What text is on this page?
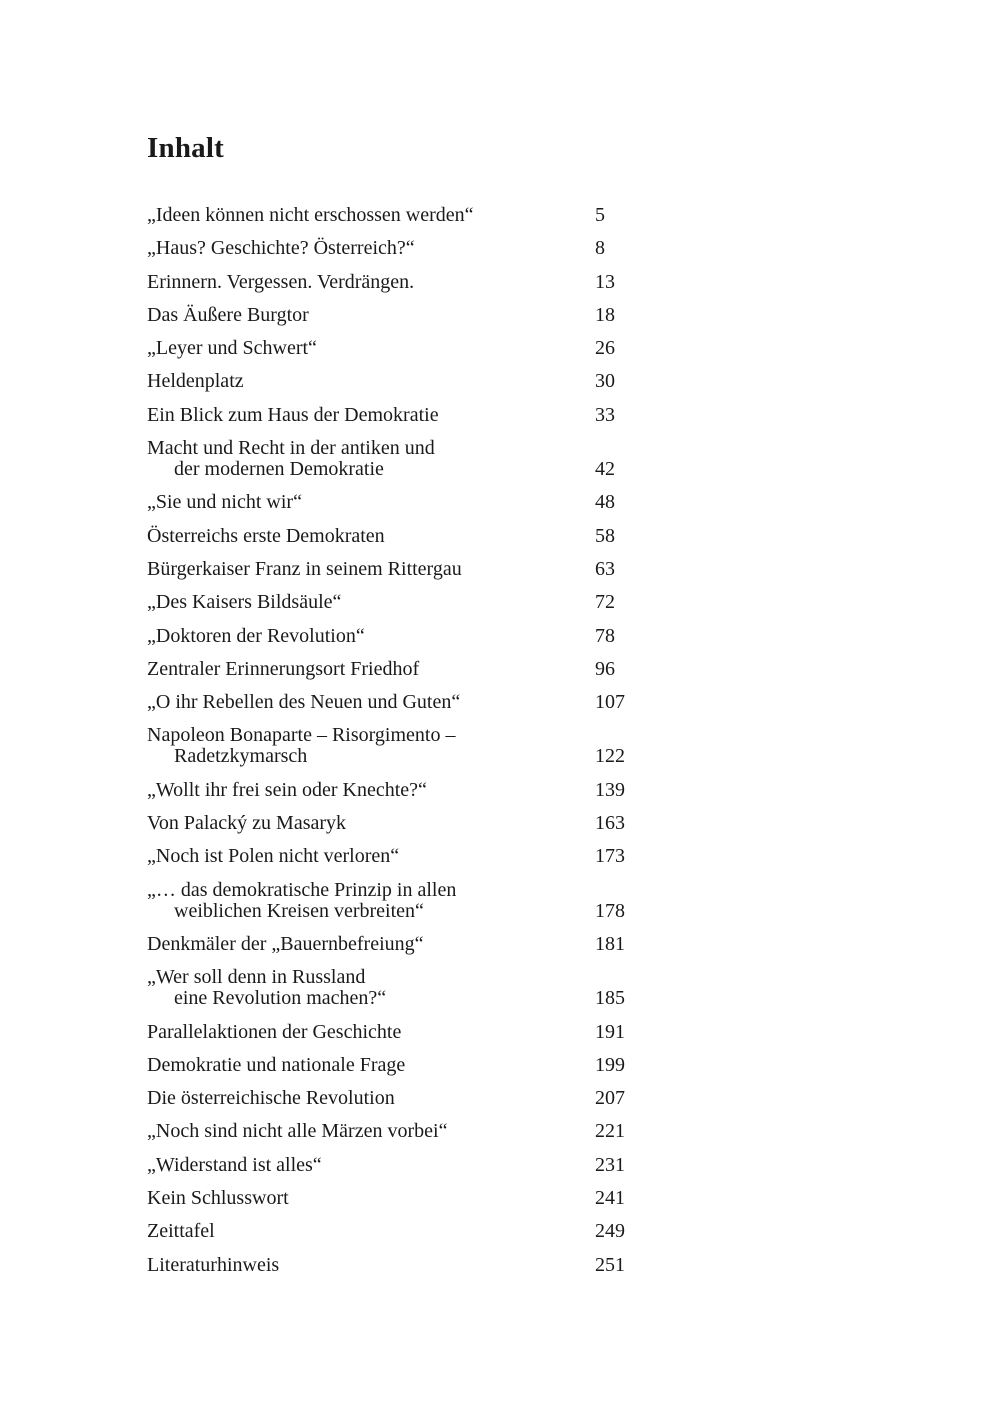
Inhalt
„Ideen können nicht erschossen werden“	5
„Haus? Geschichte? Österreich?“	8
Erinnern. Vergessen. Verdrängen.	13
Das Äußere Burgtor	18
„Leyer und Schwert“	26
Heldenplatz	30
Ein Blick zum Haus der Demokratie	33
Macht und Recht in der antiken und
der modernen Demokratie	42
„Sie und nicht wir“	48
Österreichs erste Demokraten	58
Bürgerkaiser Franz in seinem Rittergau	63
„Des Kaisers Bildsäule“	72
„Doktoren der Revolution“	78
Zentraler Erinnerungsort Friedhof	96
„O ihr Rebellen des Neuen und Guten“	107
Napoleon Bonaparte – Risorgimento –
Radetzkymarsch	122
„Wollt ihr frei sein oder Knechte?“	139
Von Palacký zu Masaryk	163
„Noch ist Polen nicht verloren“	173
„… das demokratische Prinzip in allen
weiblichen Kreisen verbreiten“	178
Denkmäler der „Bauernbefreiung“	181
„Wer soll denn in Russland
eine Revolution machen?“	185
Parallelaktionen der Geschichte	191
Demokratie und nationale Frage	199
Die österreichische Revolution	207
„Noch sind nicht alle Märzen vorbei“	221
„Widerstand ist alles“	231
Kein Schlusswort	241
Zeittafel	249
Literaturhinweis	251
